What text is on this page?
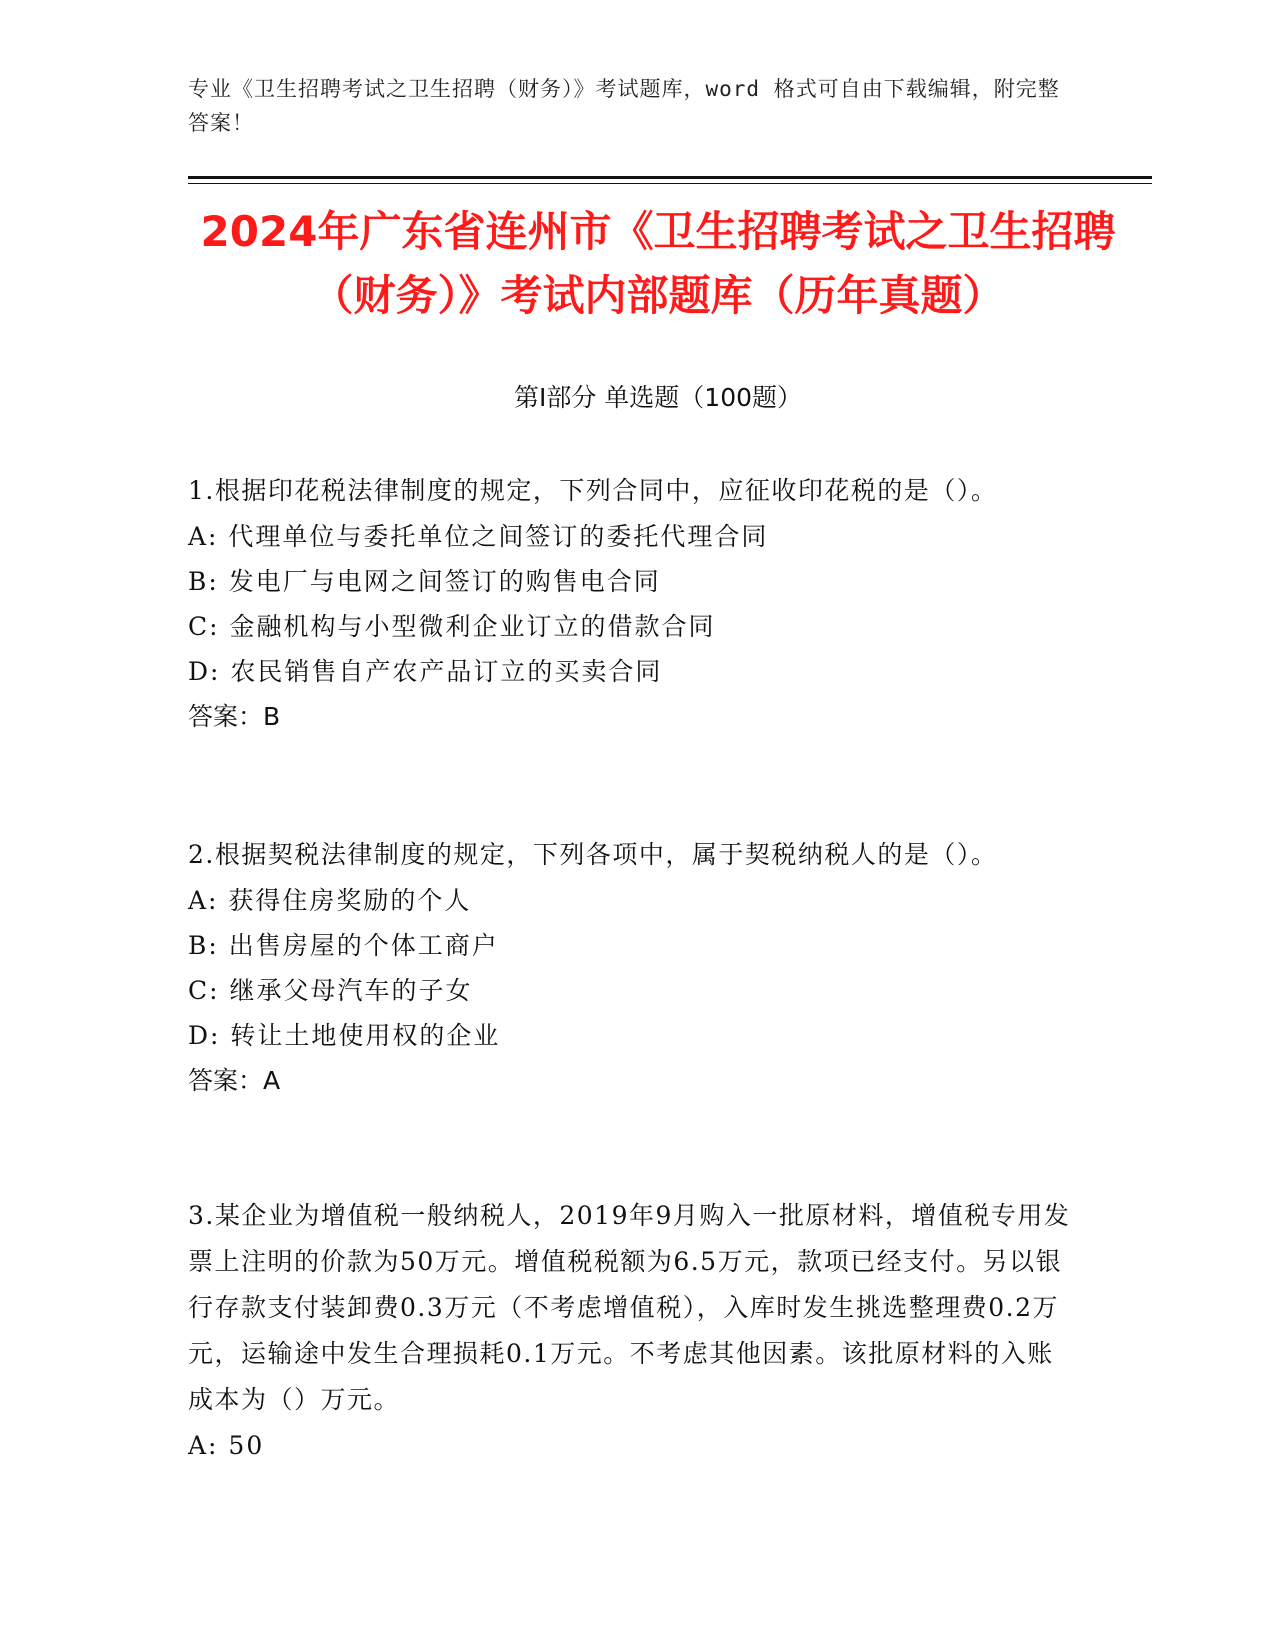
专业《卫生招聘考试之卫生招聘（财务）》考试题库，word 格式可自由下载编辑，附完整答案！
2024年广东省连州市《卫生招聘考试之卫生招聘（财务）》考试内部题库（历年真题）
第Ⅰ部分 单选题（100题）

1.根据印花税法律制度的规定，下列合同中，应征收印花税的是（）。

A: 代理单位与委托单位之间签订的委托代理合同

B: 发电厂与电网之间签订的购售电合同

C: 金融机构与小型微利企业订立的借款合同

D: 农民销售自产农产品订立的买卖合同

答案：B

2.根据契税法律制度的规定，下列各项中，属于契税纳税人的是（）。

A: 获得住房奖励的个人

B: 出售房屋的个体工商户

C: 继承父母汽车的子女

D: 转让土地使用权的企业

答案：A

3.某企业为增值税一般纳税人，2019年9月购入一批原材料，增值税专用发票上注明的价款为50万元。增值税税额为6.5万元，款项已经支付。另以银行存款支付装卸费0.3万元（不考虑增值税），入库时发生挑选整理费0.2万元，运输途中发生合理损耗0.1万元。不考虑其他因素。该批原材料的入账成本为（）万元。

A: 50
